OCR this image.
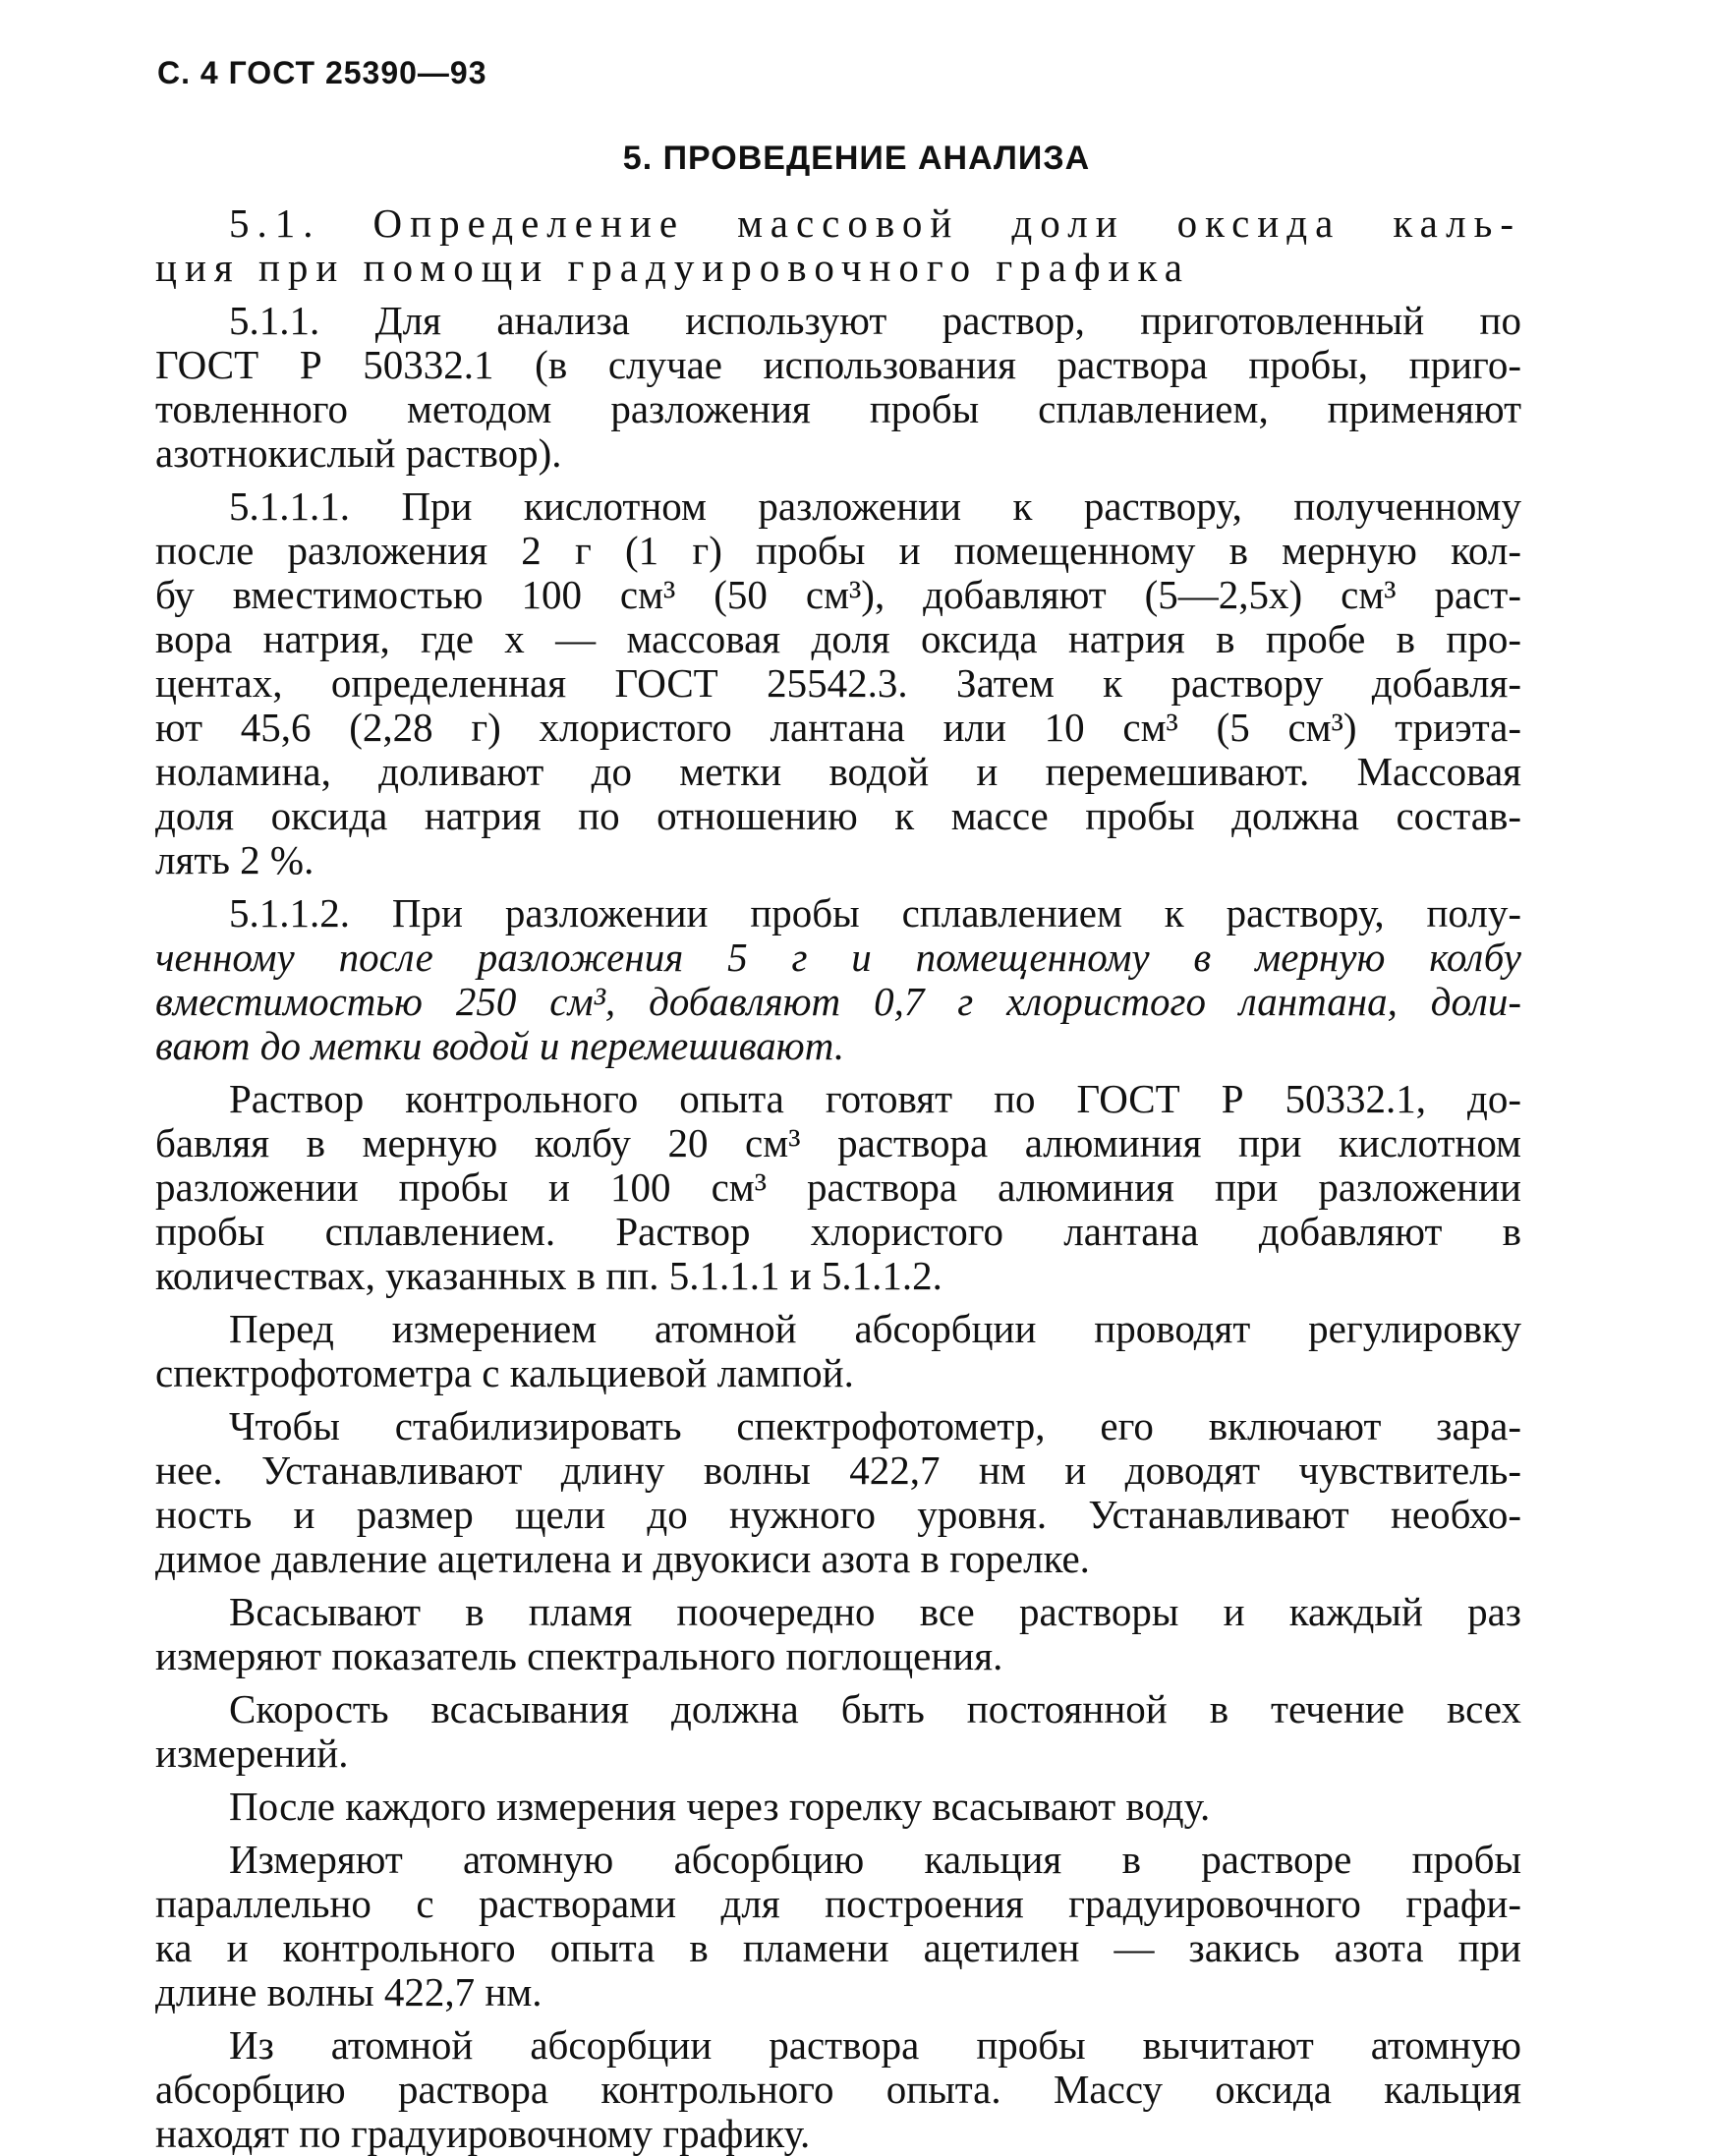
С. 4 ГОСТ 25390—93
5. ПРОВЕДЕНИЕ АНАЛИЗА
5.1. Определение массовой доли оксида каль-
ция при помощи градуировочного графика
5.1.1. Для анализа используют раствор, приготовленный по
ГОСТ Р 50332.1 (в случае использования раствора пробы, приго-
товленного методом разложения пробы сплавлением, применяют
азотнокислый раствор).
5.1.1.1. При кислотном разложении к раствору, полученному
после разложения 2 г (1 г) пробы и помещенному в мерную кол-
бу вместимостью 100 см³ (50 см³), добавляют (5—2,5x) см³ раст-
вора натрия, где x — массовая доля оксида натрия в пробе в про-
центах, определенная ГОСТ 25542.3. Затем к раствору добавля-
ют 45,6 (2,28 г) хлористого лантана или 10 см³ (5 см³) триэта-
ноламина, доливают до метки водой и перемешивают. Массовая
доля оксида натрия по отношению к массе пробы должна состав-
лять 2 %.
5.1.1.2. При разложении пробы сплавлением к раствору, полу-
ченному после разложения 5 г и помещенному в мерную колбу
вместимостью 250 см³, добавляют 0,7 г хлористого лантана, доли-
вают до метки водой и перемешивают.
Раствор контрольного опыта готовят по ГОСТ Р 50332.1, до-
бавляя в мерную колбу 20 см³ раствора алюминия при кислотном
разложении пробы и 100 см³ раствора алюминия при разложении
пробы сплавлением. Раствор хлористого лантана добавляют в
количествах, указанных в пп. 5.1.1.1 и 5.1.1.2.
Перед измерением атомной абсорбции проводят регулировку
спектрофотометра с кальциевой лампой.
Чтобы стабилизировать спектрофотометр, его включают зара-
нее. Устанавливают длину волны 422,7 нм и доводят чувствитель-
ность и размер щели до нужного уровня. Устанавливают необхо-
димое давление ацетилена и двуокиси азота в горелке.
Всасывают в пламя поочередно все растворы и каждый раз
измеряют показатель спектрального поглощения.
Скорость всасывания должна быть постоянной в течение всех
измерений.
После каждого измерения через горелку всасывают воду.
Измеряют атомную абсорбцию кальция в растворе пробы
параллельно с растворами для построения градуировочного графи-
ка и контрольного опыта в пламени ацетилен — закись азота при
длине волны 422,7 нм.
Из атомной абсорбции раствора пробы вычитают атомную
абсорбцию раствора контрольного опыта. Массу оксида кальция
находят по градуировочному графику.
